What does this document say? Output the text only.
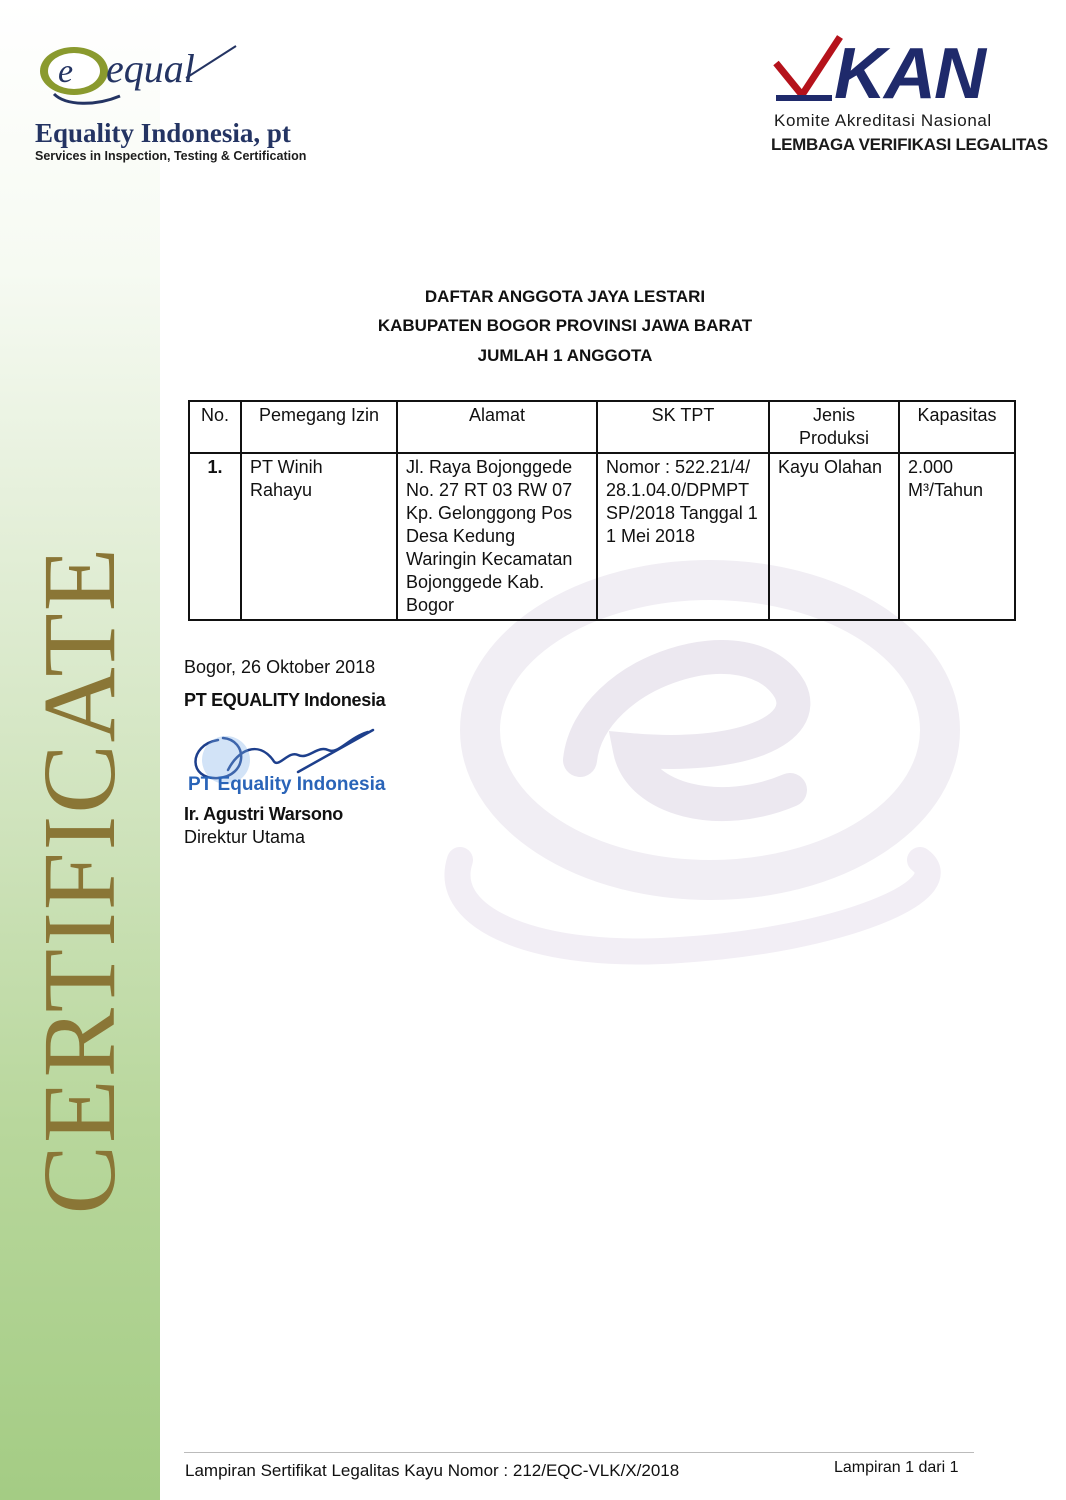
CERTIFICATE
e equal
Equality Indonesia, pt
Services in Inspection, Testing & Certification
KAN
Komite Akreditasi Nasional
LEMBAGA VERIFIKASI LEGALITAS
DAFTAR ANGGOTA JAYA LESTARI
KABUPATEN BOGOR PROVINSI JAWA BARAT
JUMLAH 1 ANGGOTA
No.	Pemegang Izin	Alamat	SK TPT	Jenis Produksi	Kapasitas
1.	PT Winih Rahayu	Jl. Raya Bojonggede No. 27 RT 03 RW 07 Kp. Gelonggong Pos Desa Kedung Waringin Kecamatan Bojonggede Kab. Bogor	Nomor : 522.21/4/28.1.04.0/DPMPTSP/2018 Tanggal 11 Mei 2018	Kayu Olahan	2.000 M³/Tahun
Bogor, 26 Oktober 2018
PT EQUALITY Indonesia
PT Equality Indonesia
Ir. Agustri Warsono
Direktur Utama
Lampiran Sertifikat Legalitas Kayu Nomor : 212/EQC-VLK/X/2018	Lampiran 1 dari 1
